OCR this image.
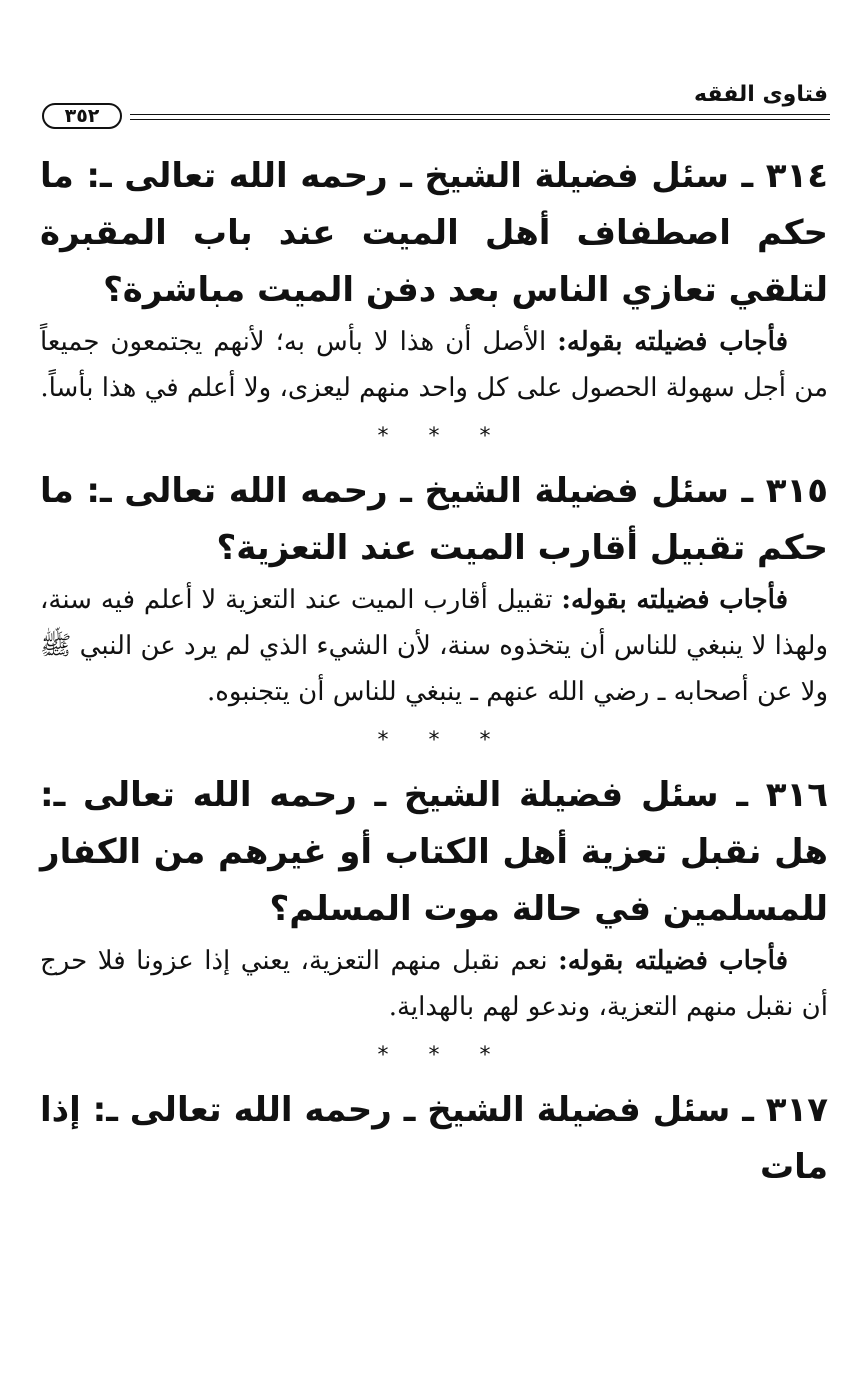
فتاوى الفقه
٣٥٢

٣١٤ ـ سئل فضيلة الشيخ ـ رحمه الله تعالى ـ: ما حكم اصطفاف أهل الميت عند باب المقبرة لتلقي تعازي الناس بعد دفن الميت مباشرة؟

فأجاب فضيلته بقوله: الأصل أن هذا لا بأس به؛ لأنهم يجتمعون جميعاً من أجل سهولة الحصول على كل واحد منهم ليعزى، ولا أعلم في هذا بأساً.

***

٣١٥ ـ سئل فضيلة الشيخ ـ رحمه الله تعالى ـ: ما حكم تقبيل أقارب الميت عند التعزية؟

فأجاب فضيلته بقوله: تقبيل أقارب الميت عند التعزية لا أعلم فيه سنة، ولهذا لا ينبغي للناس أن يتخذوه سنة، لأن الشيء الذي لم يرد عن النبي ﷺ ولا عن أصحابه ـ رضي الله عنهم ـ ينبغي للناس أن يتجنبوه.

***

٣١٦ ـ سئل فضيلة الشيخ ـ رحمه الله تعالى ـ: هل نقبل تعزية أهل الكتاب أو غيرهم من الكفار للمسلمين في حالة موت المسلم؟

فأجاب فضيلته بقوله: نعم نقبل منهم التعزية، يعني إذا عزونا فلا حرج أن نقبل منهم التعزية، وندعو لهم بالهداية.

***

٣١٧ ـ سئل فضيلة الشيخ ـ رحمه الله تعالى ـ: إذا مات
